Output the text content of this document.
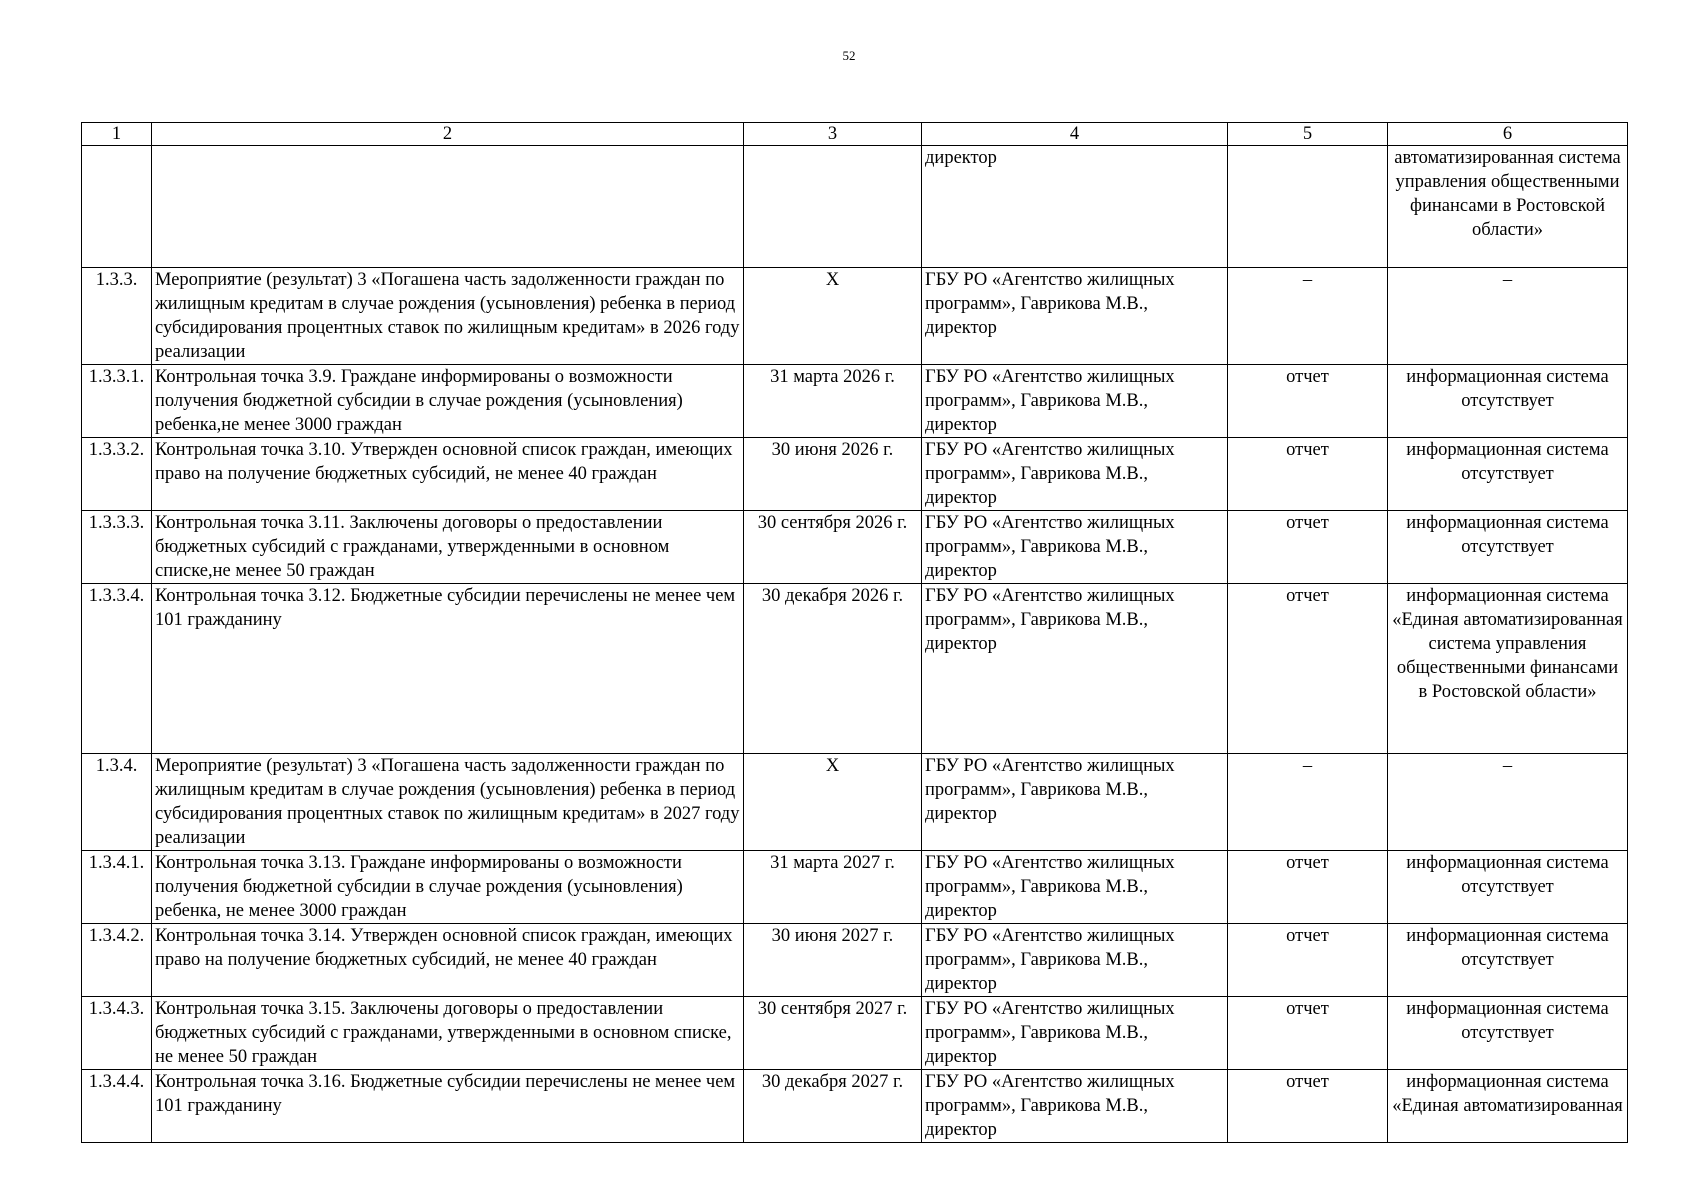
52
1	2	3	4	5	6
			директор		автоматизированная система управления общественными финансами в Ростовской области»
1.3.3.	Мероприятие (результат) 3 «Погашена часть задолженности граждан по жилищным кредитам в случае рождения (усыновления) ребенка в период субсидирования процентных ставок по жилищным кредитам» в 2026 году реализации	Х	ГБУ РО «Агентство жилищных программ», Гаврикова М.В., директор	–	–
1.3.3.1.	Контрольная точка 3.9. Граждане информированы о возможности получения бюджетной субсидии в случае рождения (усыновления) ребенка,не менее 3000 граждан	31 марта 2026 г.	ГБУ РО «Агентство жилищных программ», Гаврикова М.В., директор	отчет	информационная система отсутствует
1.3.3.2.	Контрольная точка 3.10. Утвержден основной список граждан, имеющих право на получение бюджетных субсидий, не менее 40 граждан	30 июня 2026 г.	ГБУ РО «Агентство жилищных программ», Гаврикова М.В., директор	отчет	информационная система отсутствует
1.3.3.3.	Контрольная точка 3.11. Заключены договоры о предоставлении бюджетных субсидий с гражданами, утвержденными в основном списке,не менее 50 граждан	30 сентября 2026 г.	ГБУ РО «Агентство жилищных программ», Гаврикова М.В., директор	отчет	информационная система отсутствует
1.3.3.4.	Контрольная точка 3.12. Бюджетные субсидии перечислены не менее чем 101 гражданину	30 декабря 2026 г.	ГБУ РО «Агентство жилищных программ», Гаврикова М.В., директор	отчет	информационная система «Единая автоматизированная система управления общественными финансами в Ростовской области»
1.3.4.	Мероприятие (результат) 3 «Погашена часть задолженности граждан по жилищным кредитам в случае рождения (усыновления) ребенка в период субсидирования процентных ставок по жилищным кредитам» в 2027 году реализации	Х	ГБУ РО «Агентство жилищных программ», Гаврикова М.В., директор	–	–
1.3.4.1.	Контрольная точка 3.13. Граждане информированы о возможности получения бюджетной субсидии в случае рождения (усыновления) ребенка, не менее 3000 граждан	31 марта 2027 г.	ГБУ РО «Агентство жилищных программ», Гаврикова М.В., директор	отчет	информационная система отсутствует
1.3.4.2.	Контрольная точка 3.14. Утвержден основной список граждан, имеющих право на получение бюджетных субсидий, не менее 40 граждан	30 июня 2027 г.	ГБУ РО «Агентство жилищных программ», Гаврикова М.В., директор	отчет	информационная система отсутствует
1.3.4.3.	Контрольная точка 3.15. Заключены договоры о предоставлении бюджетных субсидий с гражданами, утвержденными в основном списке, не менее 50 граждан	30 сентября 2027 г.	ГБУ РО «Агентство жилищных программ», Гаврикова М.В., директор	отчет	информационная система отсутствует
1.3.4.4.	Контрольная точка 3.16. Бюджетные субсидии перечислены не менее чем 101 гражданину	30 декабря 2027 г.	ГБУ РО «Агентство жилищных программ», Гаврикова М.В., директор	отчет	информационная система «Единая автоматизированная
